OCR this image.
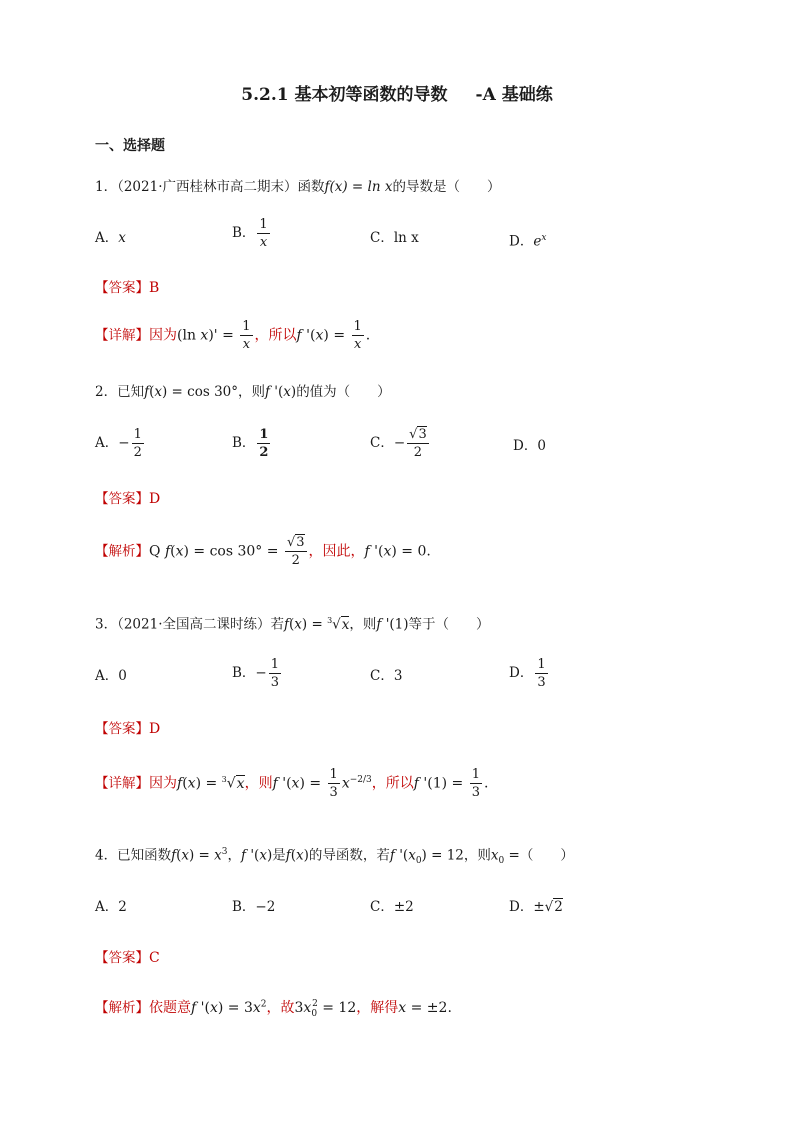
5.2.1 基本初等函数的导数 -A 基础练
一、选择题
1．（2021·广西桂林市高二期末）函数f(x) = ln x的导数是（　　）
A．x	B． $\frac{1}{x}$	C．ln x	D．$e^x$
【答案】B
【详解】因为(ln $x)' = \frac{1}{x}$ ，所以f '$(x) = \frac{1}{x}$ .
2．已知f(x) = cos 30°，则f '(x)的值为（　　）
A．− $\frac{1}{2}$	B． $\frac{1}{2}$	C．− $\frac{√3}{2}$	D．0
【答案】D
【解析】Q $f(x) = \cos 30^\circ = \frac{√3}{2}$ ，因此，f '(x) = 0.
3．（2021·全国高二课时练）若f(x) = $^3$√x，则f '(1)等于（　　）
A．0	B．− $\frac{1}{3}$	C．3	D． $\frac{1}{3}$
【答案】D
【详解】因为f(x) = $^3$√x，则f '$(x) = \frac{1}{3} x^{-2/3}$，所以f '$(1) = \frac{1}{3}$ .
4．已知函数$f(x) = x^3$，f '(x)是f(x)的导函数，若f '$(x_0) = 12$，则$x_0$ =（　　）
A．2	B．−2	C．±2	D．±√2
【答案】C
【解析】依题意f '$(x) = 3x^2$，故$3x_0^2 = 12$，解得x = ±2.
